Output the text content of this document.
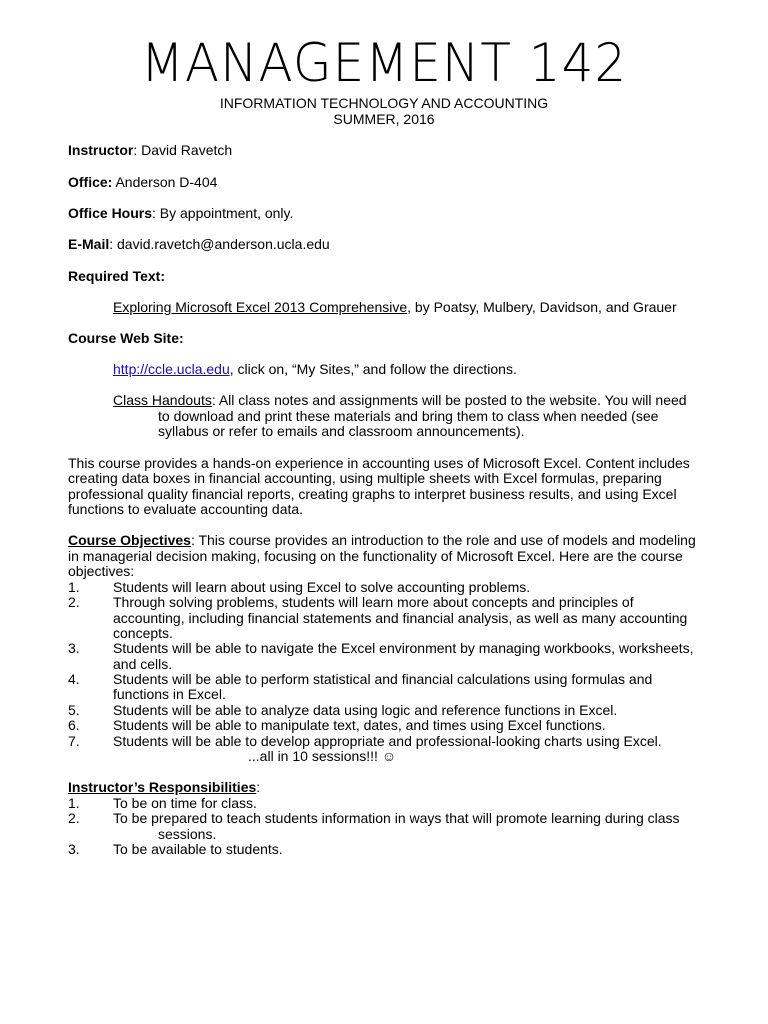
MANAGEMENT 142
INFORMATION TECHNOLOGY AND ACCOUNTING
SUMMER, 2016
Instructor: David Ravetch
Office: Anderson D-404
Office Hours: By appointment, only.
E-Mail: david.ravetch@anderson.ucla.edu
Required Text:
Exploring Microsoft Excel 2013 Comprehensive, by Poatsy, Mulbery, Davidson, and Grauer
Course Web Site:
http://ccle.ucla.edu, click on, “My Sites,” and follow the directions.
Class Handouts: All class notes and assignments will be posted to the website. You will need
to download and print these materials and bring them to class when needed (see
syllabus or refer to emails and classroom announcements).
This course provides a hands-on experience in accounting uses of Microsoft Excel. Content includes
creating data boxes in financial accounting, using multiple sheets with Excel formulas, preparing
professional quality financial reports, creating graphs to interpret business results, and using Excel
functions to evaluate accounting data.
Course Objectives: This course provides an introduction to the role and use of models and modeling
in managerial decision making, focusing on the functionality of Microsoft Excel. Here are the course
objectives:
1. Students will learn about using Excel to solve accounting problems.
2. Through solving problems, students will learn more about concepts and principles of
accounting, including financial statements and financial analysis, as well as many accounting
concepts.
3. Students will be able to navigate the Excel environment by managing workbooks, worksheets,
and cells.
4. Students will be able to perform statistical and financial calculations using formulas and
functions in Excel.
5. Students will be able to analyze data using logic and reference functions in Excel.
6. Students will be able to manipulate text, dates, and times using Excel functions.
7. Students will be able to develop appropriate and professional-looking charts using Excel.
...all in 10 sessions!!! ☺
Instructor’s Responsibilities:
1. To be on time for class.
2. To be prepared to teach students information in ways that will promote learning during class
sessions.
3. To be available to students.
